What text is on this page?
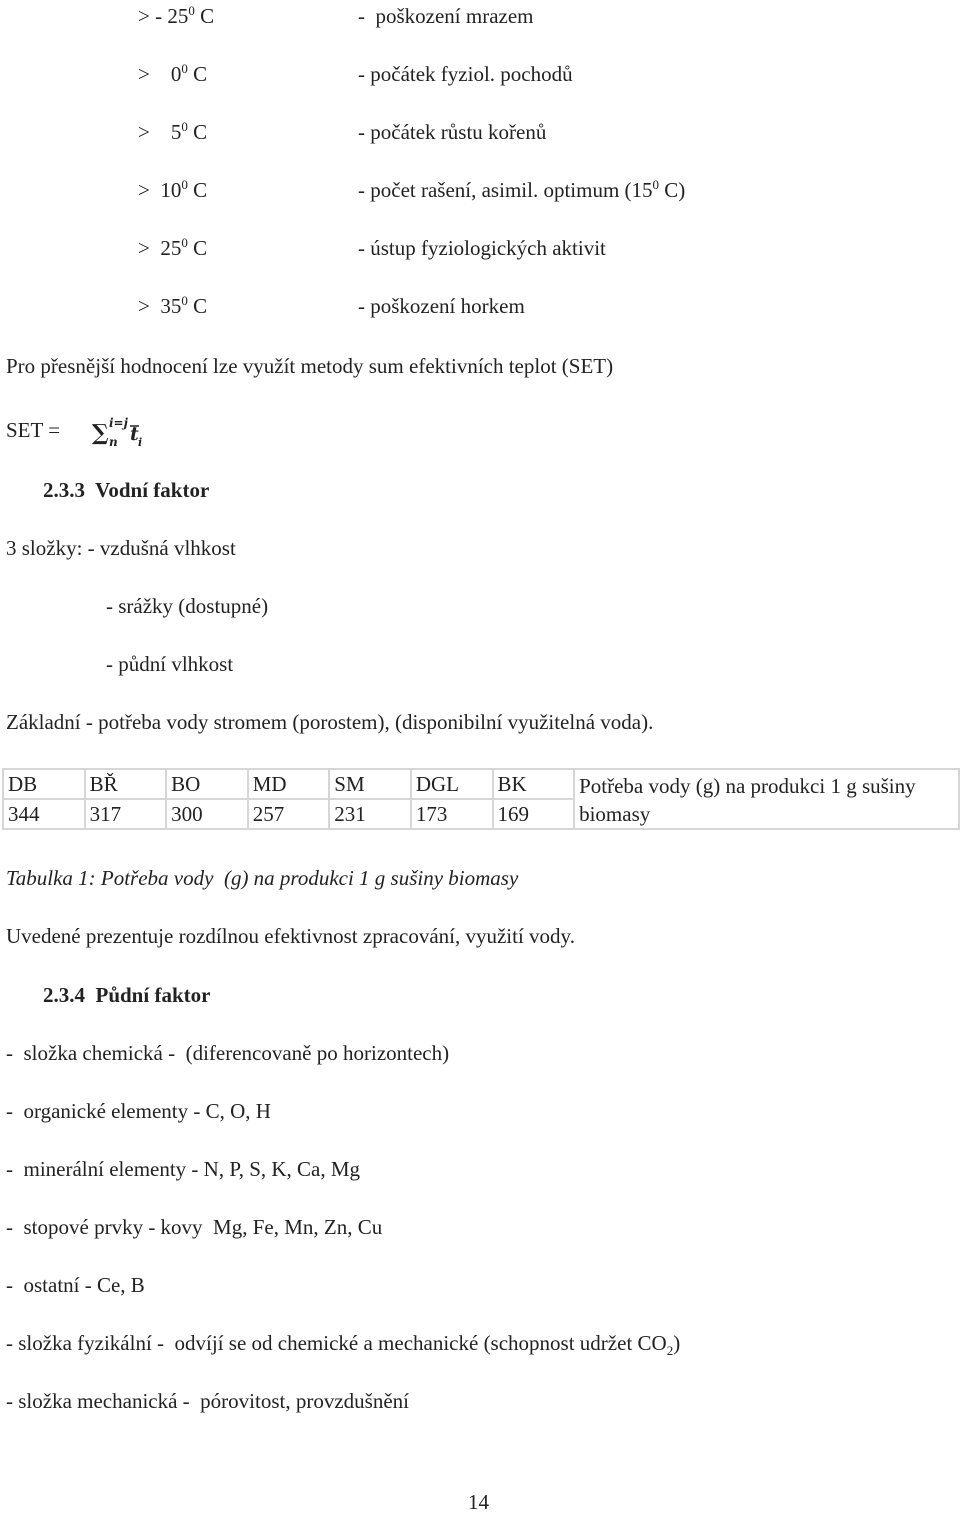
> - $25^0$ C	-  poškození mrazem
>    $0^0$ C	- počátek fyziol. pochodů
>    $5^0$ C	- počátek růstu kořenů
>  $10^0$ C	- počet rašení, asimil. optimum ($15^0$ C)
>  $25^0$ C	- ústup fyziologických aktivit
>  $35^0$ C	- poškození horkem
Pro přesnější hodnocení lze využít metody sum efektivních teplot (SET)
SET = ∑ i=j
n t i
2.3.3  Vodní faktor
3 složky: - vzdušná vlhkost
- srážky (dostupné)
- půdní vlhkost
Základní - potřeba vody stromem (porostem), (disponibilní využitelná voda).
DB	BŘ	BO	MD	SM	DGL	BK	Potřeba vody (g) na produkci 1 g sušiny biomasy
344	317	300	257	231	173	169	
Tabulka 1: Potřeba vody  (g) na produkci 1 g sušiny biomasy
Uvedené prezentuje rozdílnou efektivnost zpracování, využití vody.
2.3.4  Půdní faktor
-  složka chemická -  (diferencovaně po horizontech)
-  organické elementy - C, O, H
-  minerální elementy - N, P, S, K, Ca, Mg
-  stopové prvky - kovy  Mg, Fe, Mn, Zn, Cu
-  ostatní - Ce, B
- složka fyzikální -  odvíjí se od chemické a mechanické (schopnost udržet $CO_2$)
- složka mechanická -  pórovitost, provzdušnění
14
